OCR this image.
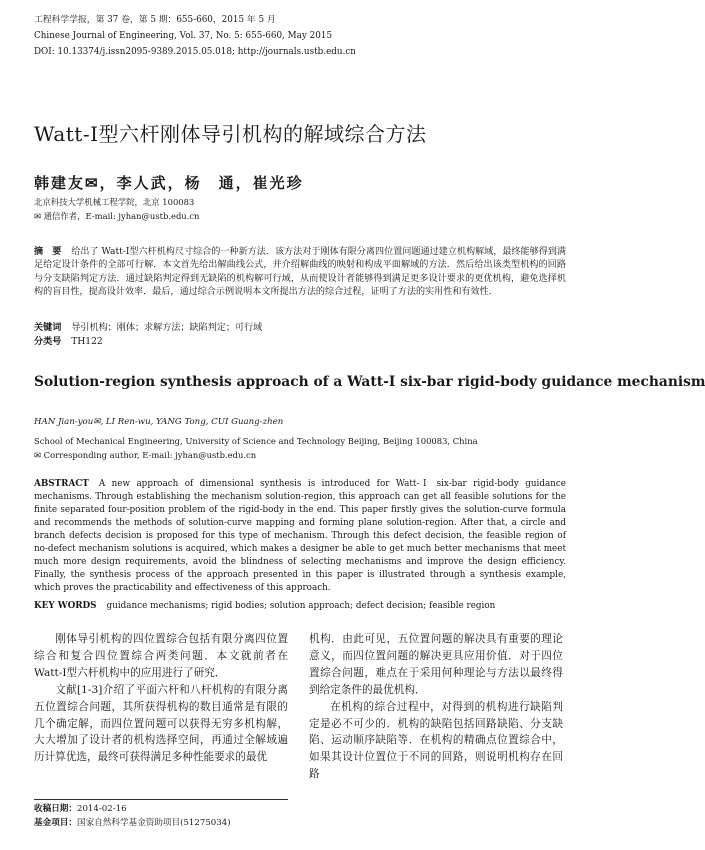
工程科学学报，第 37 卷，第 5 期：655-660，2015 年 5 月
Chinese Journal of Engineering, Vol. 37, No. 5: 655-660, May 2015
DOI: 10.13374/j.issn2095-9389.2015.05.018; http://journals.ustb.edu.cn
Watt-Ⅰ型六杆刚体导引机构的解域综合方法
韩建友✉，李人武，杨　通，崔光珍
北京科技大学机械工程学院，北京 100083
✉ 通信作者，E-mail: jyhan@ustb.edu.cn
摘　要 给出了 Watt-Ⅰ型六杆机构尺寸综合的一种新方法．该方法对于刚体有限分离四位置问题通过建立机构解域，最终能够得到满足给定设计条件的全部可行解．本文首先给出解曲线公式，并介绍解曲线的映射和构成平面解域的方法．然后给出该类型机构的回路与分支缺陷判定方法．通过缺陷判定得到无缺陷的机构解可行域，从而使设计者能够得到满足更多设计要求的更优机构，避免选择机构的盲目性，提高设计效率．最后，通过综合示例说明本文所提出方法的综合过程，证明了方法的实用性和有效性．
关键词 导引机构；刚体；求解方法；缺陷判定；可行域
分类号 TH122
Solution-region synthesis approach of a Watt-Ⅰ six-bar rigid-body guidance mechanism
HAN Jian-you✉, LI Ren-wu, YANG Tong, CUI Guang-zhen
School of Mechanical Engineering, University of Science and Technology Beijing, Beijing 100083, China
✉ Corresponding author, E-mail: jyhan@ustb.edu.cn
ABSTRACT A new approach of dimensional synthesis is introduced for Watt-Ⅰ six-bar rigid-body guidance mechanisms. Through establishing the mechanism solution-region, this approach can get all feasible solutions for the finite separated four-position problem of the rigid-body in the end. This paper firstly gives the solution-curve formula and recommends the methods of solution-curve mapping and forming plane solution-region. After that, a circle and branch defects decision is proposed for this type of mechanism. Through this defect decision, the feasible region of no-defect mechanism solutions is acquired, which makes a designer be able to get much better mechanisms that meet much more design requirements, avoid the blindness of selecting mechanisms and improve the design efficiency. Finally, the synthesis process of the approach presented in this paper is illustrated through a synthesis example, which proves the practicability and effectiveness of this approach.
KEY WORDS guidance mechanisms; rigid bodies; solution approach; defect decision; feasible region
刚体导引机构的四位置综合包括有限分离四位置综合和复合四位置综合两类问题．本文就前者在 Watt-Ⅰ型六杆机构中的应用进行了研究．
文献[1-3]介绍了平面六杆和八杆机构的有限分离五位置综合问题，其所获得机构的数目通常是有限的几个确定解，而四位置问题可以获得无穷多机构解，大大增加了设计者的机构选择空间，再通过全解域遍历计算优选，最终可获得满足多种性能要求的最优
机构．由此可见，五位置问题的解决具有重要的理论意义，而四位置问题的解决更具应用价值．对于四位置综合问题，难点在于采用何种理论与方法以最终得到给定条件的最优机构．
在机构的综合过程中，对得到的机构进行缺陷判定是必不可少的．机构的缺陷包括回路缺陷、分支缺陷、运动顺序缺陷等．在机构的精确点位置综合中，如果其设计位置位于不同的回路，则说明机构存在回路
收稿日期：2014-02-16
基金项目：国家自然科学基金资助项目(51275034)
